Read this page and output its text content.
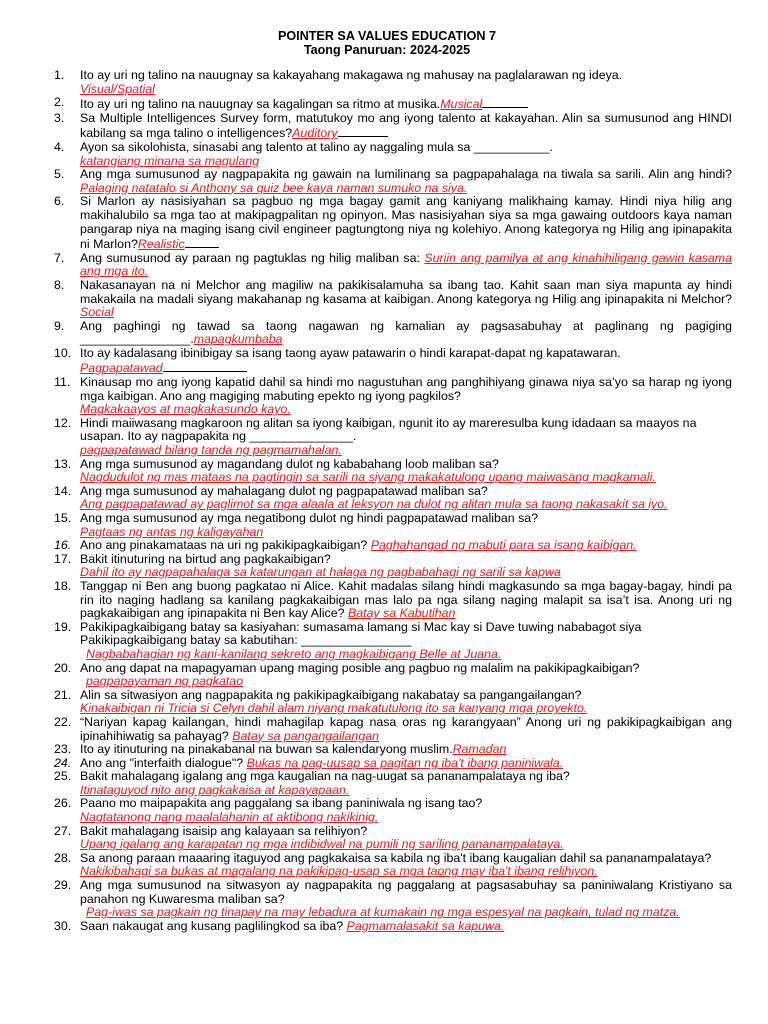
POINTER SA VALUES EDUCATION 7
Taong Panuruan: 2024-2025
1.	Ito ay uri ng talino na nauugnay sa kakayahang makagawa ng mahusay na paglalarawan ng ideya.
Visual/Spatial
2.	Ito ay uri ng talino na nauugnay sa kagalingan sa ritmo at musika.Musical
3.	Sa Multiple Intelligences Survey form, matutukoy mo ang iyong talento at kakayahan. Alin sa sumusunod ang HINDI kabilang sa mga talino o intelligences?Auditory
4.	Ayon sa sikolohista, sinasabi ang talento at talino ay naggaling mula sa ___________.
katangiang minana sa magulang
5.	Ang mga sumusunod ay nagpapakita ng gawain na lumilinang sa pagpapahalaga na tiwala sa sarili. Alin ang hindi?Palaging natatalo si Anthony sa quiz bee kaya naman sumuko na siya.
6.	Si Marlon ay nasisiyahan sa pagbuo ng mga bagay gamit ang kaniyang malikhaing kamay. Hindi niya hilig ang makihalubilo sa mga tao at makipagpalitan ng opinyon. Mas nasisiyahan siya sa mga gawaing outdoors kaya naman pangarap niya na maging isang civil engineer pagtungtong niya ng kolehiyo. Anong kategorya ng Hilig ang ipinapakita ni Marlon?Realistic
7.	Ang sumusunod ay paraan ng pagtuklas ng hilig maliban sa: Suriin ang pamilya at ang kinahihiligang gawin kasama ang mga ito.
8.	Nakasanayan na ni Melchor ang magiliw na pakikisalamuha sa ibang tao. Kahit saan man siya mapunta ay hindi makakaila na madali siyang makahanap ng kasama at kaibigan. Anong kategorya ng Hilig ang ipinapakita ni Melchor?Social
9.	Ang paghingi ng tawad sa taong nagawan ng kamalian ay pagsasabuhay at paglinang ng pagiging ________________.mapagkumbaba
10. Ito ay kadalasang ibinibigay sa isang taong ayaw patawarin o hindi karapat-dapat ng kapatawaran.
Pagpapatawad
11. Kinausap mo ang iyong kapatid dahil sa hindi mo nagustuhan ang panghihiyang ginawa niya sa’yo sa harap ng iyong mga kaibigan. Ano ang magiging mabuting epekto ng iyong pagkilos?
Magkakaayos at magkakasundo kayo.
12. Hindi maiiwasang magkaroon ng alitan sa iyong kaibigan, ngunit ito ay mareresulba kung idadaan sa maayos na usapan. Ito ay nagpapakita ng _______________.
pagpapatawad bilang tanda ng pagmamahalan.
13. Ang mga sumusunod ay magandang dulot ng kababahang loob maliban sa?
Nagdudulot ng mas mataas na pagtingin sa sarili na siyang makakatulong upang maiwasang magkamali.
14. Ang mga sumusunod ay mahalagang dulot ng pagpapatawad maliban sa?

Ang pagpapatawad ay paglimot sa mga alaala at leksyon na dulot ng alitan mula sa taong nakasakit sa iyo.
15. Ang mga sumusunod ay mga negatibong dulot ng hindi pagpapatawad maliban sa?
Pagtaas ng antas ng kaligayahan
16. Ano ang pinakamataas na uri ng pakikipagkaibigan? Paghahangad ng mabuti para sa isang kaibigan.
17. Bakit itinuturing na birtud ang pagkakaibigan?
Dahil ito ay nagpapahalaga sa katarungan at halaga ng pagbabahagi ng sarili sa kapwa
18. Tanggap ni Ben ang buong pagkatao ni Alice. Kahit madalas silang hindi magkasundo sa mga bagay-bagay, hindi pa rin ito naging hadlang sa kanilang pagkakaibigan mas lalo pa nga silang naging malapit sa isa’t isa. Anong uri ng pagkakaibigan ang ipinapakita ni Ben kay Alice? Batay sa Kabutihan
19. Pakikipagkaibigang batay sa kasiyahan: sumasama lamang si Mac kay si Dave tuwing nababagot siya Pakikipagkaibigang batay sa kabutihan: ________________

Nagbabahagian ng kani-kanilang sekreto ang magkaibigang Belle at Juana.
20. Ano ang dapat na mapagyaman upang maging posible ang pagbuo ng malalim na pakikipagkaibigan?

pagpapayaman ng pagkatao
21. Alin sa sitwasiyon ang nagpapakita ng pakikipagkaibigang nakabatay sa pangangailangan?
Kinakaibigan ni Tricia si Celyn dahil alam niyang makatutulong ito sa kanyang mga proyekto.
22. “Nariyan kapag kailangan, hindi mahagilap kapag nasa oras ng karangyaan” Anong uri ng pakikipagkaibigan ang ipinahihiwatig sa pahayag? Batay sa pangangailangan
23. Ito ay itinuturing na pinakabanal na buwan sa kalendaryong muslim.Ramadan
24. Ano ang "interfaith dialogue"? Bukas na pag-uusap sa pagitan ng iba't ibang paniniwala.
25. Bakit mahalagang igalang ang mga kaugalian na nag-uugat sa pananampalataya ng iba?
Itinataguyod nito ang pagkakaisa at kapayapaan.
26. Paano mo maipapakita ang paggalang sa ibang paniniwala ng isang tao?
Nagtatanong nang maalalahanin at aktibong nakikinig.
27. Bakit mahalagang isaisip ang kalayaan sa relihiyon?
Upang igalang ang karapatan ng mga indibidwal na pumili ng sariling pananampalataya.
28. Sa anong paraan maaaring itaguyod ang pagkakaisa sa kabila ng iba't ibang kaugalian dahil sa pananampalataya?
Nakikibahagi sa bukas at magalang na pakikipag-usap sa mga taong may iba't ibang relihiyon.
29. Ang mga sumusunod na sitwasyon ay nagpapakita ng paggalang at pagsasabuhay sa paniniwalang Kristiyano sa panahon ng Kuwaresma maliban sa?

Pag-iwas sa pagkain ng tinapay na may lebadura at kumakain ng mga espesyal na pagkain, tulad ng matza.
30. Saan nakaugat ang kusang paglilingkod sa iba? Pagmamalasakit sa kapuwa.
